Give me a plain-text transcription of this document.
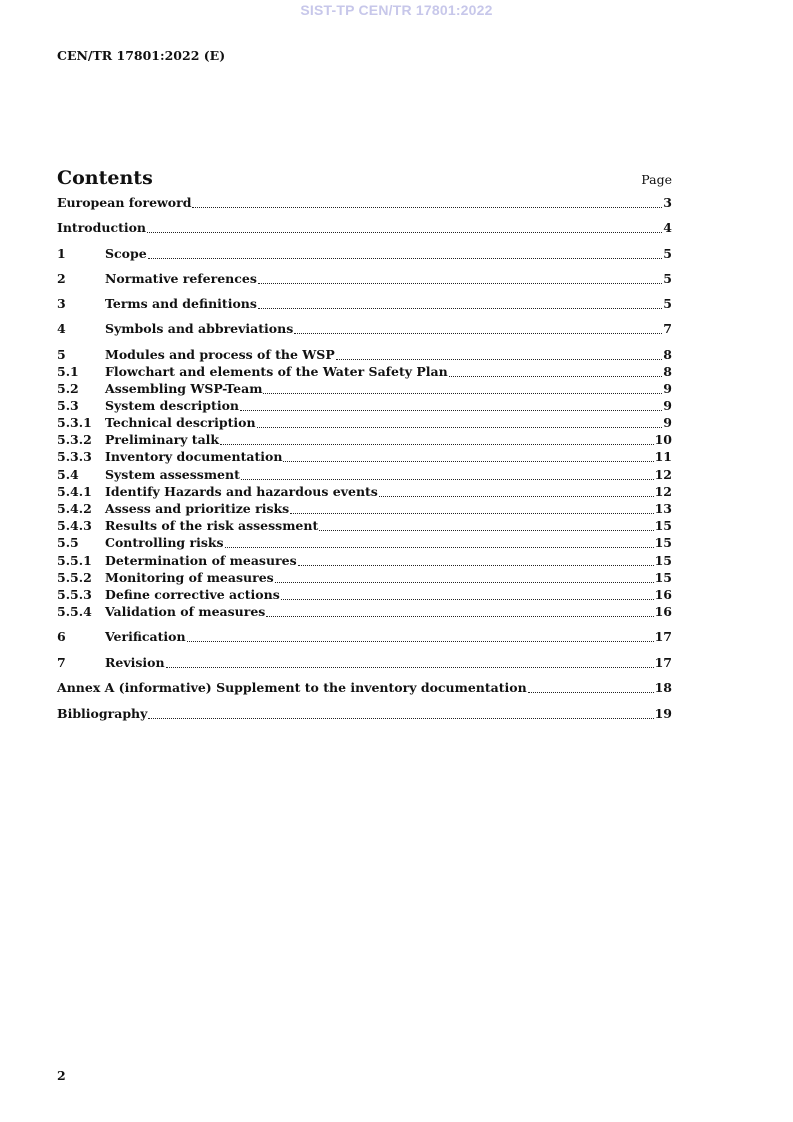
SIST-TP CEN/TR 17801:2022
CEN/TR 17801:2022 (E)
Contents	Page
European foreword	3
Introduction	4
1	Scope	5
2	Normative references	5
3	Terms and definitions	5
4	Symbols and abbreviations	7
5	Modules and process of the WSP	8
5.1	Flowchart and elements of the Water Safety Plan	8
5.2	Assembling WSP-Team	9
5.3	System description	9
5.3.1	Technical description	9
5.3.2	Preliminary talk	10
5.3.3	Inventory documentation	11
5.4	System assessment	12
5.4.1	Identify Hazards and hazardous events	12
5.4.2	Assess and prioritize risks	13
5.4.3	Results of the risk assessment	15
5.5	Controlling risks	15
5.5.1	Determination of measures	15
5.5.2	Monitoring of measures	15
5.5.3	Define corrective actions	16
5.5.4	Validation of measures	16
6	Verification	17
7	Revision	17
Annex A (informative) Supplement to the inventory documentation	18
Bibliography	19
2
